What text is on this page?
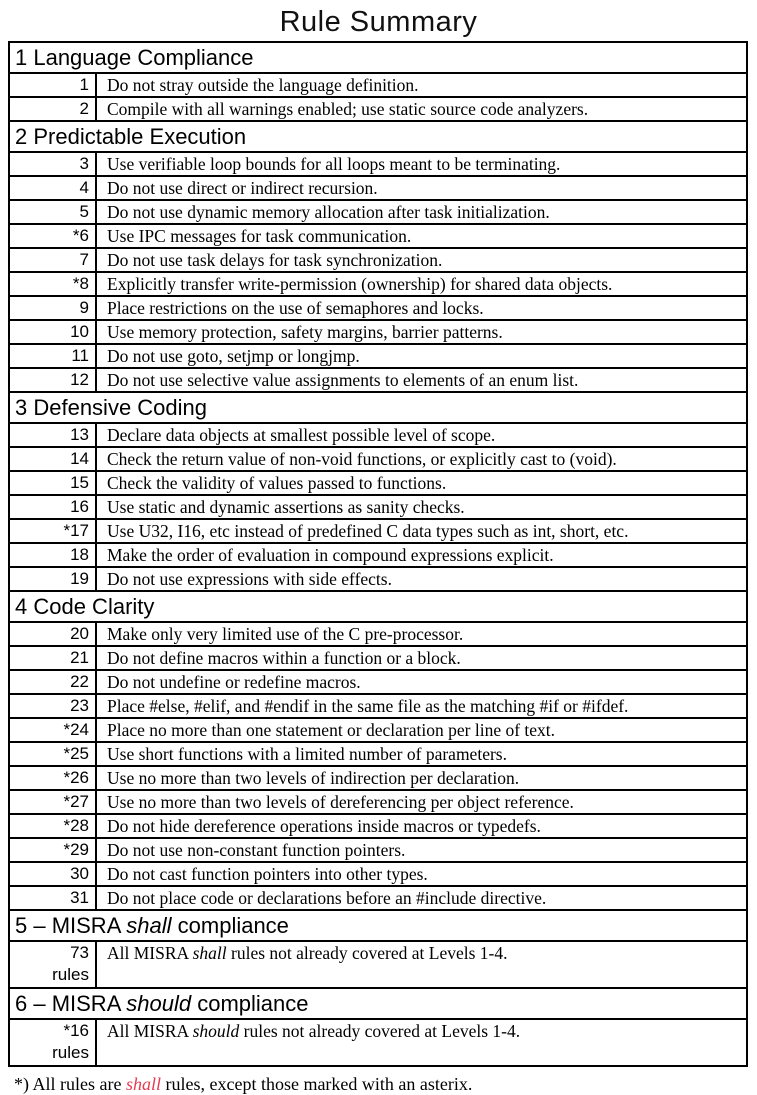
Rule Summary
1 Language Compliance	

1	Do not stray outside the language definition.

2	Compile with all warnings enabled; use static source code analyzers.
2 Predictable Execution	

3	Use verifiable loop bounds for all loops meant to be terminating.

4	Do not use direct or indirect recursion.

5	Do not use dynamic memory allocation after task initialization.

*6	Use IPC messages for task communication.

7	Do not use task delays for task synchronization.

*8	Explicitly transfer write-permission (ownership) for shared data objects.

9	Place restrictions on the use of semaphores and locks.

10	Use memory protection, safety margins, barrier patterns.

11	Do not use goto, setjmp or longjmp.

12	Do not use selective value assignments to elements of an enum list.
3 Defensive Coding	

13	Declare data objects at smallest possible level of scope.

14	Check the return value of non-void functions, or explicitly cast to (void).

15	Check the validity of values passed to functions.

16	Use static and dynamic assertions as sanity checks.

*17	Use U32, I16, etc instead of predefined C data types such as int, short, etc.

18	Make the order of evaluation in compound expressions explicit.

19	Do not use expressions with side effects.
4 Code Clarity	

20	Make only very limited use of the C pre-processor.

21	Do not define macros within a function or a block.

22	Do not undefine or redefine macros.

23	Place #else, #elif, and #endif in the same file as the matching #if or #ifdef.

*24	Place no more than one statement or declaration per line of text.

*25	Use short functions with a limited number of parameters.

*26	Use no more than two levels of indirection per declaration.

*27	Use no more than two levels of dereferencing per object reference.

*28	Do not hide dereference operations inside macros or typedefs.

*29	Do not use non-constant function pointers.

30	Do not cast function pointers into other types.

31	Do not place code or declarations before an #include directive.
5 – MISRA shall compliance	

73
rules	All MISRA shall rules not already covered at Levels 1-4.
6 – MISRA should compliance	

*16
rules	All MISRA should rules not already covered at Levels 1-4.
*) All rules are shall rules, except those marked with an asterix.
